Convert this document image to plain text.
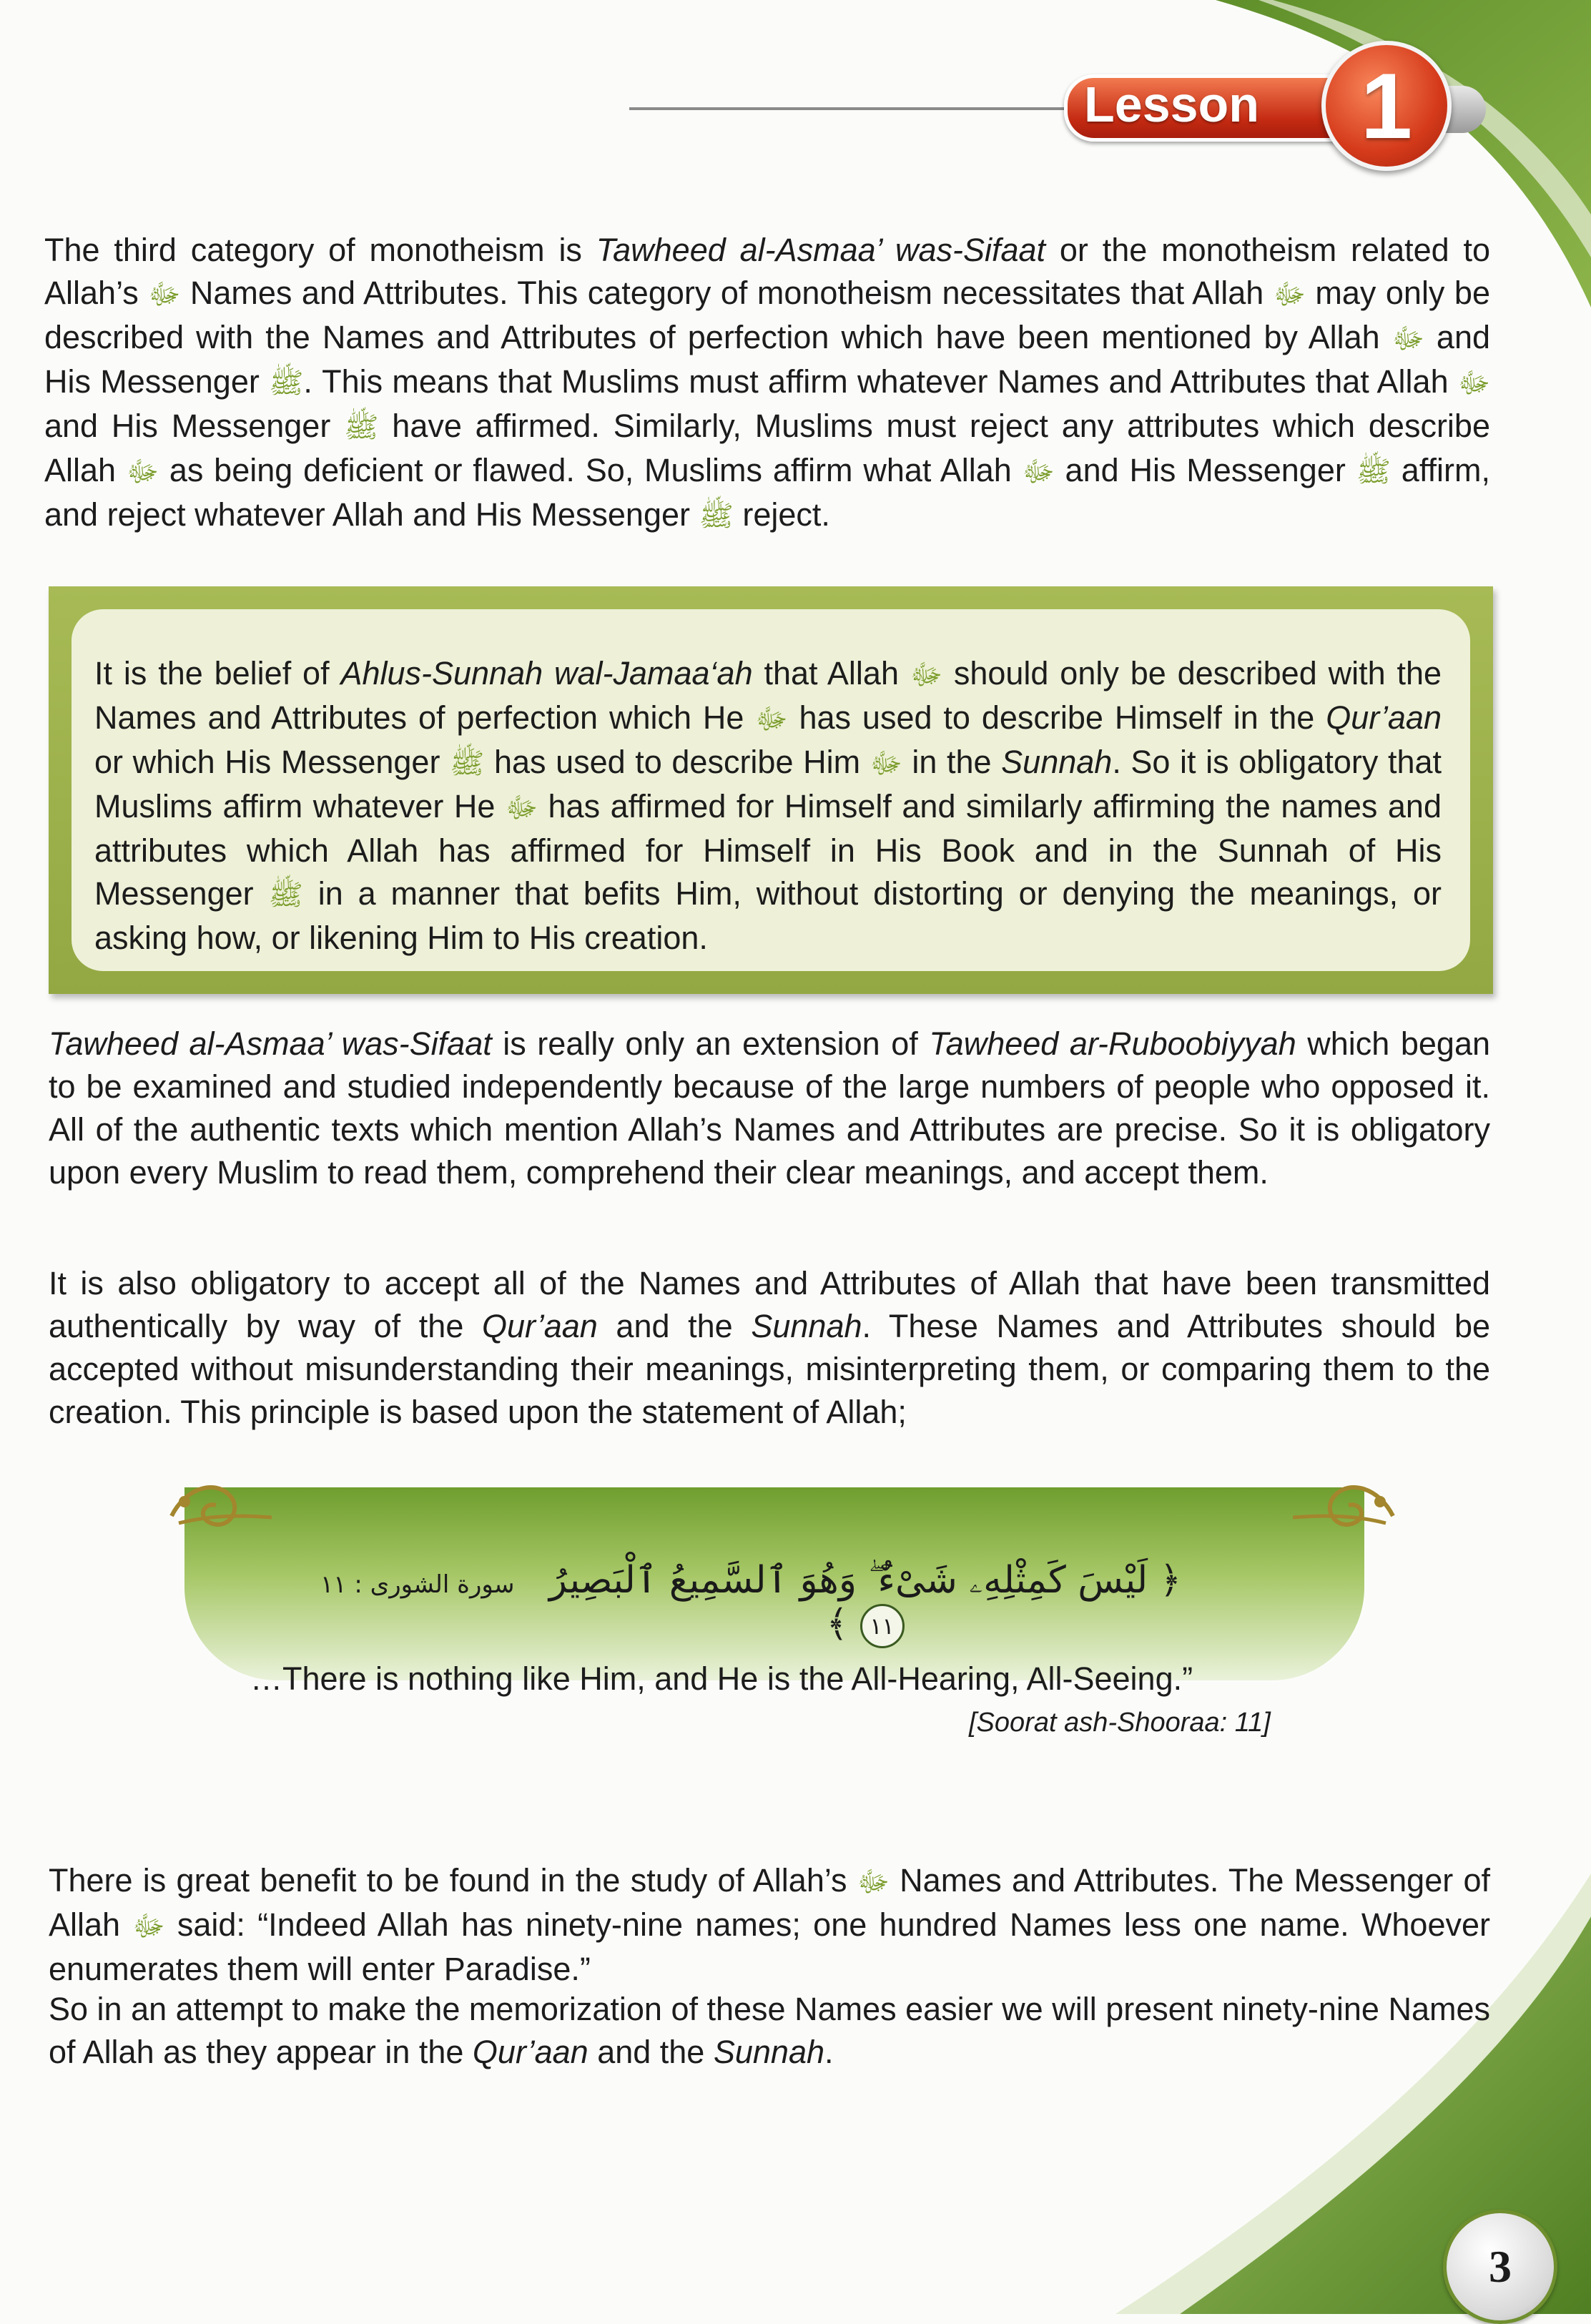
Lesson	1

The third category of monotheism is Tawheed al-Asmaa’ was-Sifaat or the monotheism related to Allah’s ﷻ Names and Attributes. This category of monotheism necessitates that Allah ﷻ may only be described with the Names and Attributes of perfection which have been mentioned by Allah ﷻ and His Messenger ﷺ. This means that Muslims must affirm whatever Names and Attributes that Allah ﷻ and His Messenger ﷺ have affirmed. Similarly, Muslims must reject any attributes which describe Allah ﷻ as being deficient or flawed. So, Muslims affirm what Allah ﷻ and His Messenger ﷺ affirm, and reject whatever Allah and His Messenger ﷺ reject.

It is the belief of Ahlus-Sunnah wal-Jamaa‘ah that Allah ﷻ should only be described with the Names and Attributes of perfection which He ﷻ has used to describe Himself in the Qur’aan or which His Messenger ﷺ has used to describe Him ﷻ in the Sunnah. So it is obligatory that Muslims affirm whatever He ﷻ has affirmed for Himself and similarly affirming the names and attributes which Allah has affirmed for Himself in His Book and in the Sunnah of His Messenger ﷺ in a manner that befits Him, without distorting or denying the meanings, or asking how, or likening Him to His creation.

Tawheed al-Asmaa’ was-Sifaat is really only an extension of Tawheed ar-Ruboobiyyah which began to be examined and studied independently because of the large numbers of people who opposed it. All of the authentic texts which mention Allah’s Names and Attributes are precise. So it is obligatory upon every Muslim to read them, comprehend their clear meanings, and accept them.

It is also obligatory to accept all of the Names and Attributes of Allah that have been transmitted authentically by way of the Qur’aan and the Sunnah. These Names and Attributes should be accepted without misunderstanding their meanings, misinterpreting them, or comparing them to the creation. This principle is based upon the statement of Allah;

﴿ لَيْسَ كَمِثْلِهِۦ شَىْءٌ ۖ وَهُوَ ٱلسَّمِيعُ ٱلْبَصِيرُ ١١ ﴾
سورة الشورى : ١١
…There is nothing like Him, and He is the All-Hearing, All-Seeing.”
[Soorat ash-Shooraa: 11]

There is great benefit to be found in the study of Allah’s ﷻ Names and Attributes. The Messenger of Allah ﷻ said: “Indeed Allah has ninety-nine names; one hundred Names less one name. Whoever enumerates them will enter Paradise.”

So in an attempt to make the memorization of these Names easier we will present ninety-nine Names of Allah as they appear in the Qur’aan and the Sunnah.

3
